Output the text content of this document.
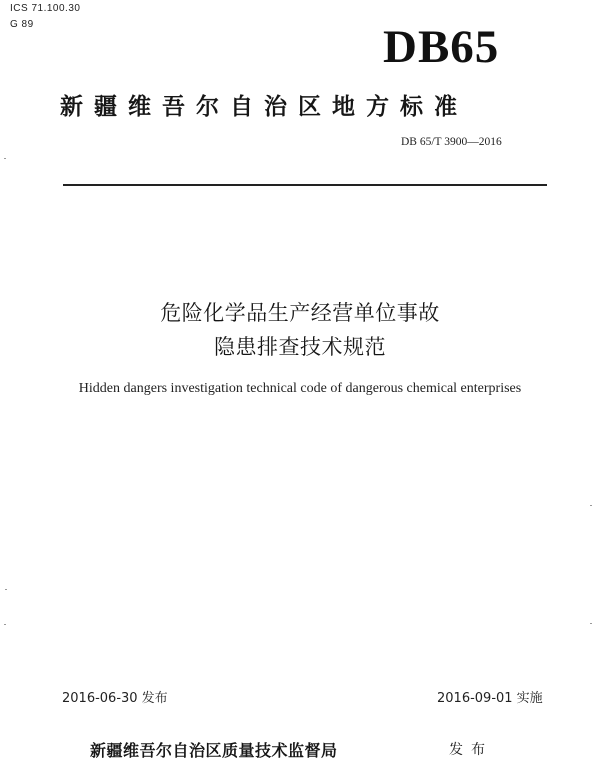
ICS 71.100.30
G 89	DB65
新疆维吾尔自治区地方标准
DB 65/T 3900—2016
危险化学品生产经营单位事故
隐患排查技术规范
Hidden dangers investigation technical code of dangerous chemical enterprises
2016-06-30 发布	2016-09-01 实施
新疆维吾尔自治区质量技术监督局	发布
